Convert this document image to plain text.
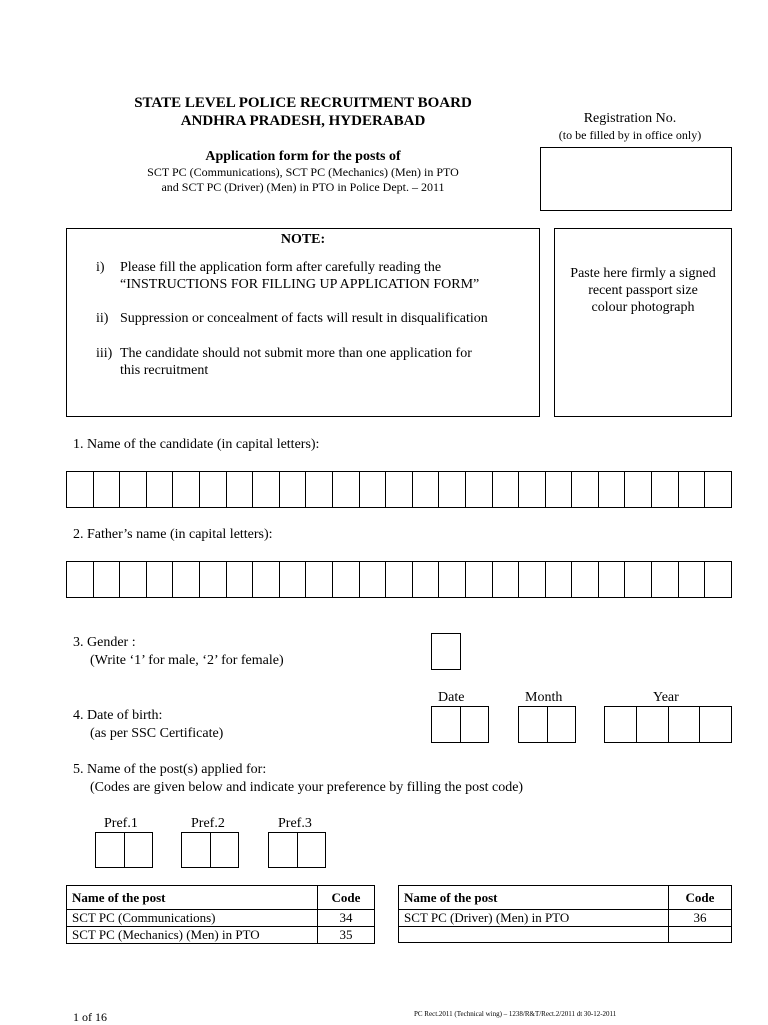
STATE LEVEL POLICE RECRUITMENT BOARD
ANDHRA PRADESH, HYDERABAD
Application form for the posts of
SCT PC (Communications), SCT PC (Mechanics) (Men) in PTO
and SCT PC (Driver) (Men) in PTO in Police Dept. – 2011
Registration No.
(to be filled by in office only)
NOTE:
i)	Please fill the application form after carefully reading the
“INSTRUCTIONS FOR FILLING UP APPLICATION FORM”
ii) Suppression or concealment of facts will result in disqualification
iii) The candidate should not submit more than one application for
this recruitment
Paste here firmly a signed
recent passport size
colour photograph
1. Name of the candidate (in capital letters):
2. Father’s name (in capital letters):
3. Gender :
(Write ‘1’ for male, ‘2’ for female)
Date	Month	Year
4. Date of birth:
(as per SSC Certificate)
5. Name of the post(s) applied for:
(Codes are given below and indicate your preference by filling the post code)
Pref.1	Pref.2	Pref.3
Name of the post	Code
SCT PC (Communications)	34
SCT PC (Mechanics) (Men) in PTO	35
Name of the post	Code
SCT PC (Driver) (Men) in PTO	36

1 of 16	PC Rect.2011 (Technical wing) – 1238/R&T/Rect.2/2011 dt 30-12-2011
